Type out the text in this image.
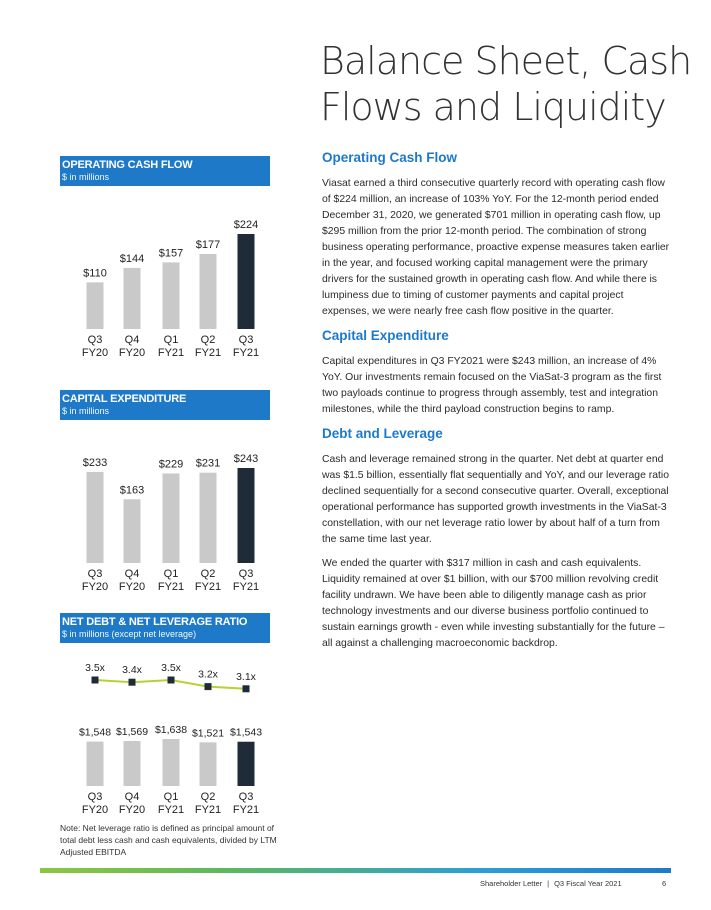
Balance Sheet, Cash
Flows and Liquidity
OPERATING CASH FLOW
$ in millions
$110
$144 $157
$177
$224
Q3 Q4 Q1 Q2 Q3
FY20 FY20 FY21 FY21 FY21
CAPITAL EXPENDITURE
$ in millions
$233
$163
$229 $231 $243
Q3 Q4 Q1 Q2 Q3
FY20 FY20 FY21 FY21 FY21
NET DEBT & NET LEVERAGE RATIO
$ in millions (except net leverage)
$1,548 $1,569 $1,638 $1,521 $1,543
3.5x 3.4x 3.5x
3.2x 3.1x
Q3 Q4 Q1 Q2 Q3
FY20 FY20 FY21 FY21 FY21
Note: Net leverage ratio is defined as principal amount of total debt less cash and cash equivalents, divided by LTM Adjusted EBITDA
Operating Cash Flow

Viasat earned a third consecutive quarterly record with operating cash flow of $224 million, an increase of 103% YoY. For the 12-month period ended December 31, 2020, we generated $701 million in operating cash flow, up $295 million from the prior 12-month period. The combination of strong business operating performance, proactive expense measures taken earlier in the year, and focused working capital management were the primary drivers for the sustained growth in operating cash flow. And while there is lumpiness due to timing of customer payments and capital project expenses, we were nearly free cash flow positive in the quarter.

Capital Expenditure

Capital expenditures in Q3 FY2021 were $243 million, an increase of 4% YoY. Our investments remain focused on the ViaSat-3 program as the first two payloads continue to progress through assembly, test and integration milestones, while the third payload construction begins to ramp.

Debt and Leverage

Cash and leverage remained strong in the quarter. Net debt at quarter end was $1.5 billion, essentially flat sequentially and YoY, and our leverage ratio declined sequentially for a second consecutive quarter. Overall, exceptional operational performance has supported growth investments in the ViaSat-3 constellation, with our net leverage ratio lower by about half of a turn from the same time last year.

We ended the quarter with $317 million in cash and cash equivalents. Liquidity remained at over $1 billion, with our $700 million revolving credit facility undrawn. We have been able to diligently manage cash as prior technology investments and our diverse business portfolio continued to sustain earnings growth - even while investing substantially for the future – all against a challenging macroeconomic backdrop.

Shareholder Letter | Q3 Fiscal Year 2021	6
